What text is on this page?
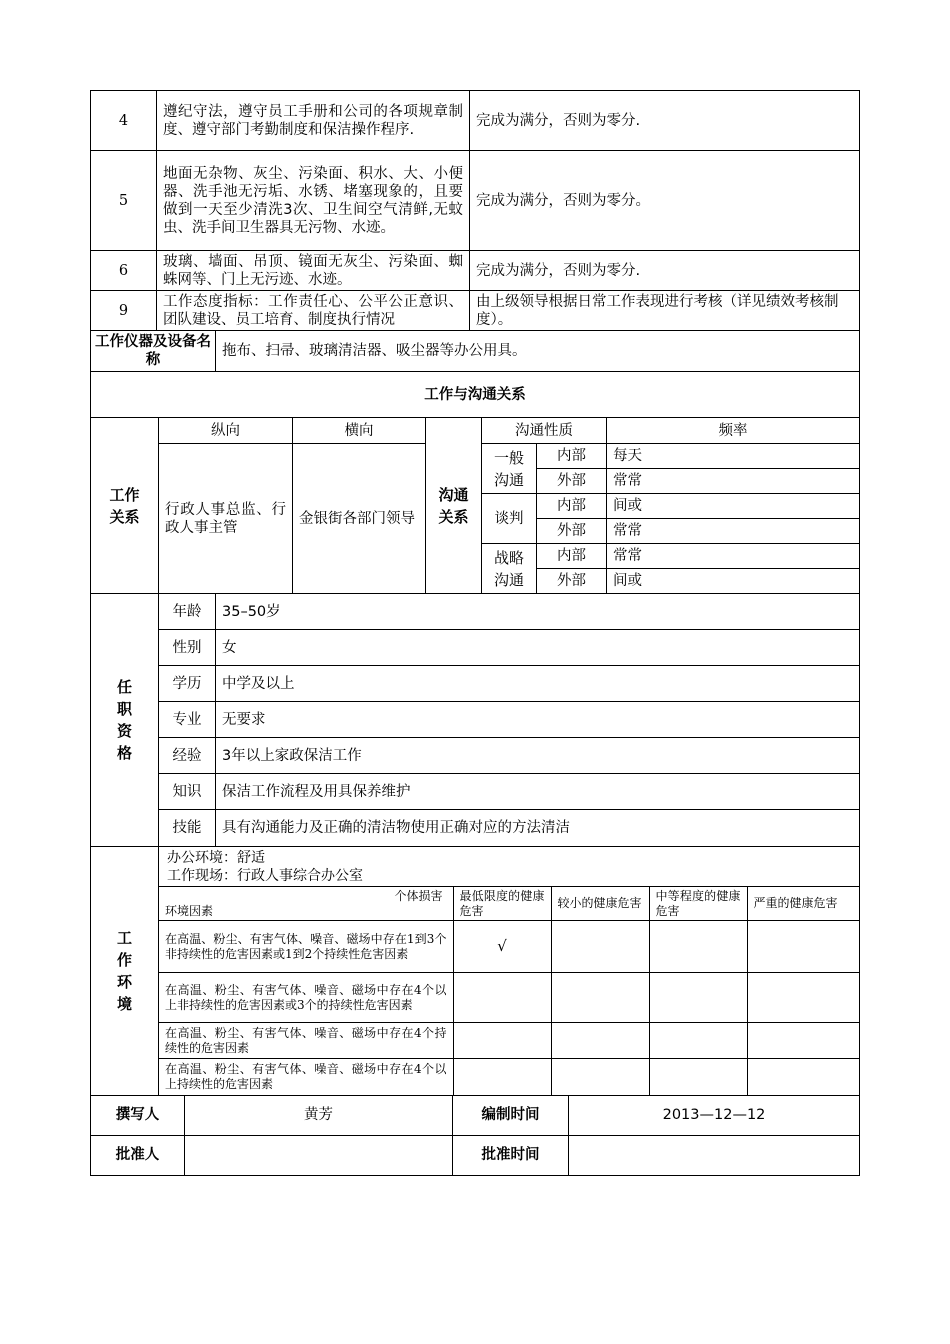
4	遵纪守法，遵守员工手册和公司的各项规章制度、遵守部门考勤制度和保洁操作程序.	完成为满分，否则为零分.
5	地面无杂物、灰尘、污染面、积水、大、小便器、洗手池无污垢、水锈、堵塞现象的，且要做到一天至少清洗3次、卫生间空气清鲜,无蚊虫、洗手间卫生器具无污物、水迹。	完成为满分，否则为零分。
6	玻璃、墙面、吊顶、镜面无灰尘、污染面、蜘蛛网等、门上无污迹、水迹。	完成为满分，否则为零分.
9	工作态度指标：工作责任心、公平公正意识、团队建设、员工培育、制度执行情况	由上级领导根据日常工作表现进行考核（详见绩效考核制度）。
工作仪器及设备名称	拖布、扫帚、玻璃清洁器、吸尘器等办公用具。
工作与沟通关系
工作关系	纵向	横向	沟通关系	沟通性质		频率
	行政人事总监、行政人事主管	金银街各部门领导		一般沟通	内部	每天
					外部	常常
				谈判	内部	间或
					外部	常常
				战略沟通	内部	常常
					外部	间或
任职资格	年龄	35–50岁
	性别	女
	学历	中学及以上
	专业	无要求
	经验	3年以上家政保洁工作
	知识	保洁工作流程及用具保养维护
	技能	具有沟通能力及正确的清洁物使用正确对应的方法清洁
工作环境	
办公环境：舒适
工作现场：行政人事综合办公室
个体损害
环境因素
	最低限度的健康危害	较小的健康危害	中等程度的健康危害	严重的健康危害
在高温、粉尘、有害气体、噪音、磁场中存在1到3个非持续性的危害因素或1到2个持续性危害因素	√			
在高温、粉尘、有害气体、噪音、磁场中存在4个以上非持续性的危害因素或3个的持续性危害因素				
在高温、粉尘、有害气体、噪音、磁场中存在4个持续性的危害因素				
在高温、粉尘、有害气体、噪音、磁场中存在4个以上持续性的危害因素				
撰写人	黄芳	编制时间	2013—12—12
批准人		批准时间	
